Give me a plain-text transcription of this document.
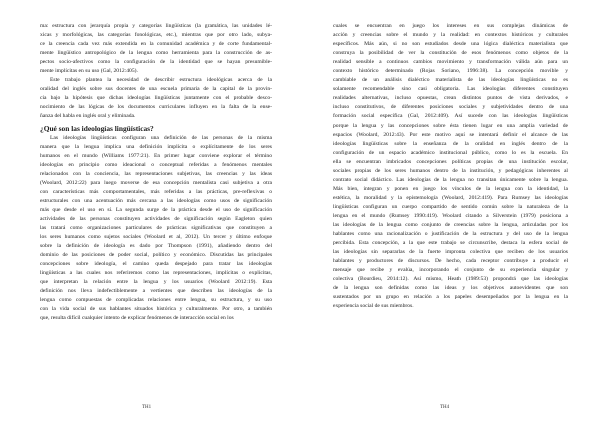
ma: estructura con jerarquía propia y categorías lingüísticas (la gramática, las unidades lé-
xicas y morfológicas, las categorías fonológicas, etc.), mientras que por otro lado, subya-
ce la creencia cada vez más extendida en la comunidad académica y de corte fundamental-
mente lingüístico antropológico de la lengua como herramienta para la construcción de as-
pectos socio-afectivos como la configuración de la identidad que se hayan presumible-
mente implícitas en su uso (Gal, 2012:405).
Este trabajo plantea la necesidad de describir estructura ideológicas acerca de la
oralidad del inglés sobre sus docentes de una escuela primaria de la capital de la provin-
cia bajo la hipótesis que dichas ideologías lingüísticas juntamente con el probable desco-
nocimiento de las lógicas de los documentos curriculares influyen en la falta de la ense-
ñanza del habla en inglés oral y eliminada.
¿Qué son las ideologías lingüísticas?
Las ideologías lingüísticas configuran una definición de las personas de la misma
manera que la lengua implica una definición implícita o explícitamente de los seres
humanos en el mundo (Williams 1977:21). En primer lugar conviene explorar el término
ideologías en principio como ideacional o conceptual referidas a fenómenos mentales
relacionados con la conciencia, las representaciones subjetivas, las creencias y las ideas
(Woolard, 2012:22) para luego moverse de esa concepción mentalista casi subjetiva a otra
con características más comportamentales, más referidas a las prácticas, pre-reflexivas o
estructurales con una acentuación más cercana a las ideologías como usos de significación
más que desde el uso en sí. La segunda surge de la práctica desde el uso de significación
actividades de las personas constituyen actividades de significación según Eagleton quien
las tratará como organizaciones particulares de prácticas significativas que constituyen a
los seres humanos como sujetos sociales (Woolard et al, 2012). Un tercer y último enfoque
sobre la definición de ideología es dado por Thompson (1991), añadiendo dentro del
dominio de las posiciones de poder social, político y económico. Discutidas las principales
concepciones sobre ideología, el camino queda despejado para tratar las ideologías
lingüísticas a las cuales nos referiremos como las representaciones, implícitas o explícitas,
que interpretan la relación entre la lengua y los usuarios (Woolard 2012:19). Esta
definición nos lleva indefectiblemente a vertientes que describen las ideologías de la
lengua como compuestas de complicadas relaciones entre lengua, su estructura, y su uso
con la vida social de sus hablantes situados histórica y culturalmente. Por otro, a también
que, resulta difícil cualquier intento de explicar fenómenos de interacción social en los
TH1
cuales se encuentran en juego los intereses en sus complejas dinámicas de
acción y creencias sobre el mundo y la realidad: en contextos históricos y culturales
específicos. Más aún, si no son estudiados desde una lógica dialéctica materialista que
construya la posibilidad de ver la constitución de esos fenómenos como objetos de la
realidad sensible a continuos cambios movimiento y transformación válida aún para un
contexto histórico determinado (Rojas Soriano, 1996:38). La concepción movible y
cambiable de un análisis dialéctico materialista de las ideologías lingüísticas no es
solamente recomendable sino casi obligatoria. Las ideologías diferentes constituyen
realidades alternativas, incluso opuestas, crean distintos puntos de vista derivados, e
incluso constitutivos, de diferentes posiciones sociales y subjetividades dentro de una
formación social específica (Gal, 2012:409). Así sucede con las ideologías lingüísticas
porque la lengua y las concepciones sobre ésta tienen lugar en una amplia variedad de
espacios (Woolard, 2012:43). Por este motivo aquí se intentará definir el alcance de las
ideologías lingüísticas sobre la enseñanza de la oralidad en inglés dentro de la
configuración de un espacio académico institucional público, como lo es la escuela. En
ella se encuentran imbricados concepciones políticas propias de una institución escolar,
sociales propias de los seres humanos dentro de la institución, y pedagógicas inherentes al
contrato social didáctico. Las ideologías de la lengua no transitan únicamente sobre la lengua.
Más bien, integran y ponen en juego los vínculos de la lengua con la identidad, la
estética, la moralidad y la epistemología (Woolard, 2012:419). Para Rumsey las ideologías
lingüísticas configuran un cuerpo compartido de sentido común sobre la naturaleza de la
lengua en el mundo (Rumsey 1990:419). Woolard citando a Silverstein (1979) posiciona a
las ideologías de la lengua como conjunto de creencias sobre la lengua, articuladas por los
hablantes como una racionalización o justificación de la estructura y del uso de la lengua
percibida. Esta concepción, a la que este trabajo se circunscribe, destaca la esfera social de
las ideologías sin separarlas de la fuerte impronta colectiva que reciben de los usuarios
hablantes y productores de discursos. De hecho, cada receptor contribuye a producir el
mensaje que recibe y evalúa, incorporando el conjunto de su experiencia singular y
colectiva (Bourdieu, 2014:12). Así mismo, Heath (1989:53) propondrá que las ideologías
de la lengua son definidas como las ideas y los objetivos autoevidentes que son
sustentados por un grupo en relación a los papeles desempeñados por la lengua en la
experiencia social de sus miembros.
TH4
